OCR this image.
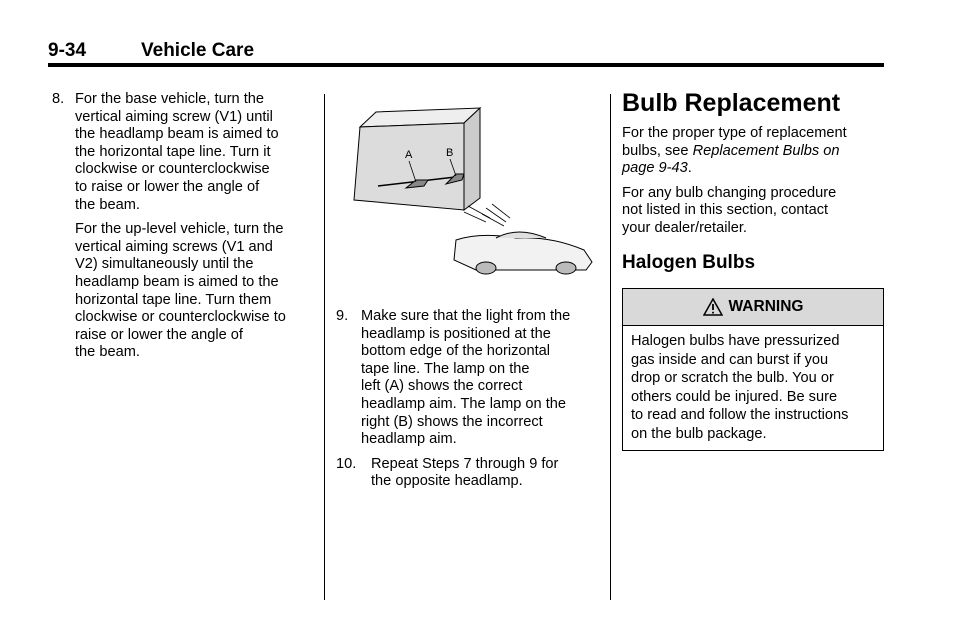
9-34	Vehicle Care
8. For the base vehicle, turn the
vertical aiming screw (V1) until
the headlamp beam is aimed to
the horizontal tape line. Turn it
clockwise or counterclockwise
to raise or lower the angle of
the beam.
For the up-level vehicle, turn the
vertical aiming screws (V1 and
V2) simultaneously until the
headlamp beam is aimed to the
horizontal tape line. Turn them
clockwise or counterclockwise to
raise or lower the angle of
the beam.
A	B
9. Make sure that the light from the
headlamp is positioned at the
bottom edge of the horizontal
tape line. The lamp on the
left (A) shows the correct
headlamp aim. The lamp on the
right (B) shows the incorrect
headlamp aim.
10. Repeat Steps 7 through 9 for
the opposite headlamp.
Bulb Replacement
For the proper type of replacement
bulbs, see Replacement Bulbs on
page 9-43.
For any bulb changing procedure
not listed in this section, contact
your dealer/retailer.
Halogen Bulbs
WARNING
Halogen bulbs have pressurized
gas inside and can burst if you
drop or scratch the bulb. You or
others could be injured. Be sure
to read and follow the instructions
on the bulb package.
